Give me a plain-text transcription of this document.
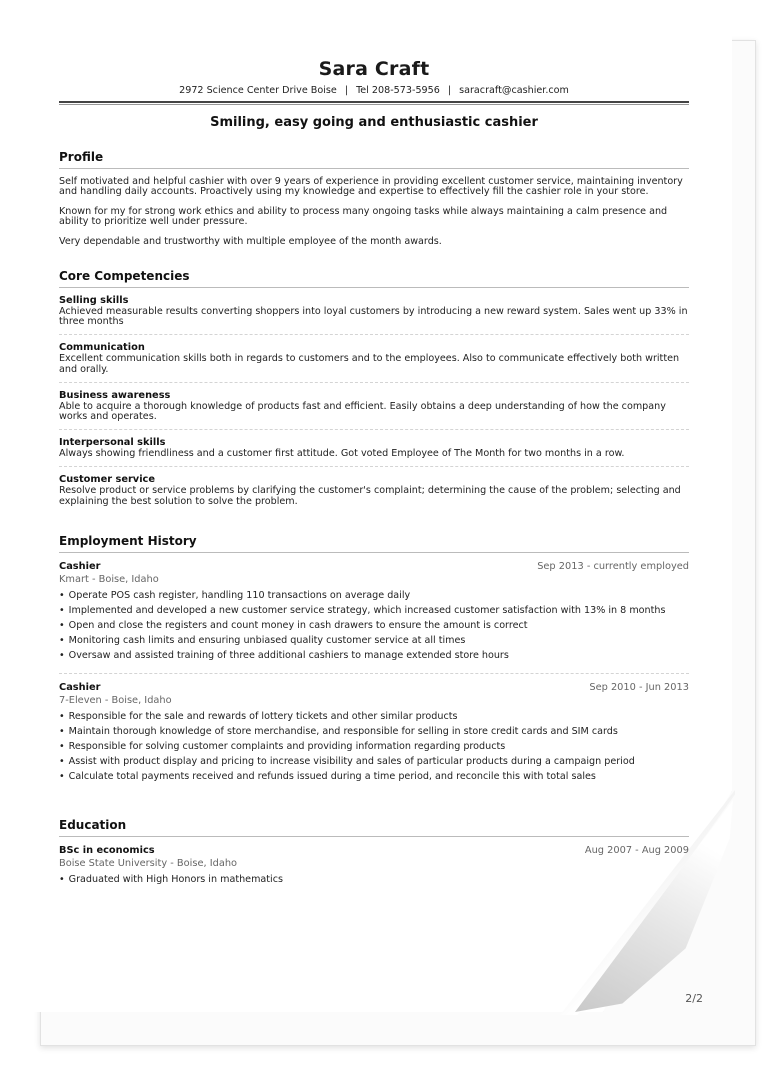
2/2
Sara Craft
2972 Science Center Drive Boise | Tel 208-573-5956 | saracraft@cashier.com
Smiling, easy going and enthusiastic cashier
Profile

Self motivated and helpful cashier with over 9 years of experience in providing excellent customer service, maintaining inventory and handling daily accounts. Proactively using my knowledge and expertise to effectively fill the cashier role in your store.

Known for my for strong work ethics and ability to process many ongoing tasks while always maintaining a calm presence and ability to prioritize well under pressure.

Very dependable and trustworthy with multiple employee of the month awards.

Core Competencies
Selling skills
Achieved measurable results converting shoppers into loyal customers by introducing a new reward system. Sales went up 33% in three months
Communication
Excellent communication skills both in regards to customers and to the employees. Also to communicate effectively both written and orally.
Business awareness
Able to acquire a thorough knowledge of products fast and efficient. Easily obtains a deep understanding of how the company works and operates.
Interpersonal skills
Always showing friendliness and a customer first attitude. Got voted Employee of The Month for two months in a row.
Customer service
Resolve product or service problems by clarifying the customer's complaint; determining the cause of the problem; selecting and explaining the best solution to solve the problem.
Employment History
Cashier	Sep 2013 - currently employed
Kmart - Boise, Idaho
• Operate POS cash register, handling 110 transactions on average daily
• Implemented and developed a new customer service strategy, which increased customer satisfaction with 13% in 8 months
• Open and close the registers and count money in cash drawers to ensure the amount is correct
• Monitoring cash limits and ensuring unbiased quality customer service at all times
• Oversaw and assisted training of three additional cashiers to manage extended store hours
Cashier	Sep 2010 - Jun 2013
7-Eleven - Boise, Idaho
• Responsible for the sale and rewards of lottery tickets and other similar products
• Maintain thorough knowledge of store merchandise, and responsible for selling in store credit cards and SIM cards
• Responsible for solving customer complaints and providing information regarding products
• Assist with product display and pricing to increase visibility and sales of particular products during a campaign period
• Calculate total payments received and refunds issued during a time period, and reconcile this with total sales
Education
BSc in economics	Aug 2007 - Aug 2009
Boise State University - Boise, Idaho
• Graduated with High Honors in mathematics
